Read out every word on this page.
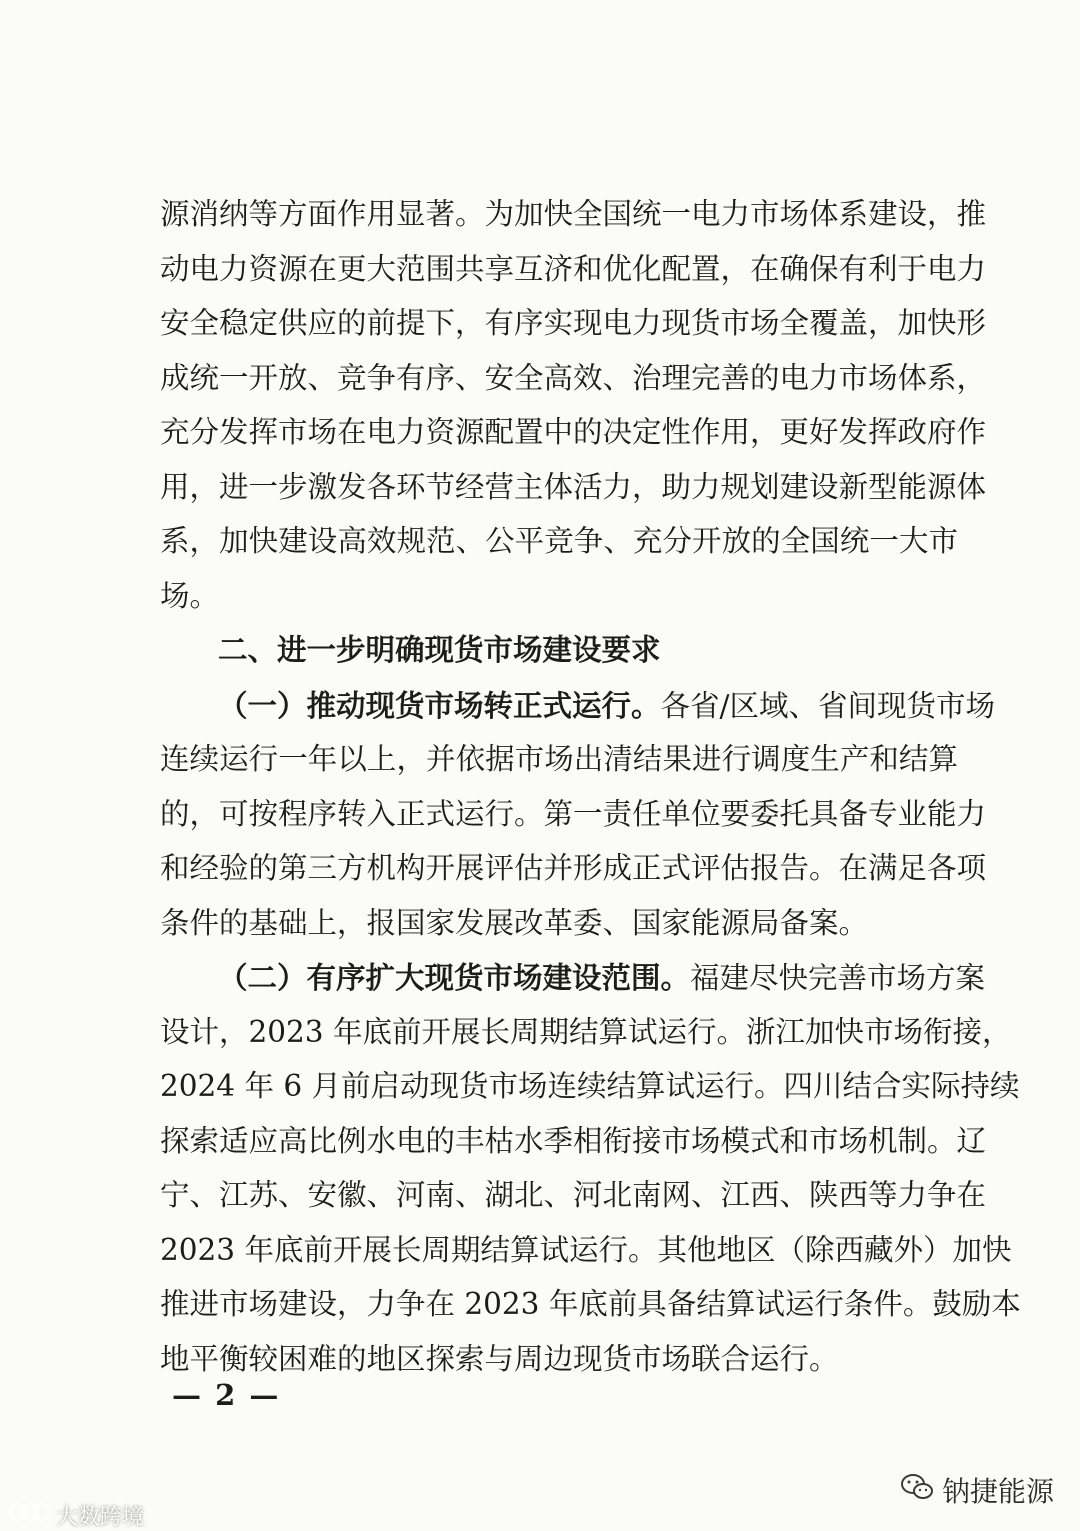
源消纳等方面作用显著。为加快全国统一电力市场体系建设，推
动电力资源在更大范围共享互济和优化配置，在确保有利于电力
安全稳定供应的前提下，有序实现电力现货市场全覆盖，加快形
成统一开放、竞争有序、安全高效、治理完善的电力市场体系，
充分发挥市场在电力资源配置中的决定性作用，更好发挥政府作
用，进一步激发各环节经营主体活力，助力规划建设新型能源体
系，加快建设高效规范、公平竞争、充分开放的全国统一大市
场。
二、进一步明确现货市场建设要求
（一）推动现货市场转正式运行。各省/区域、省间现货市场
连续运行一年以上，并依据市场出清结果进行调度生产和结算
的，可按程序转入正式运行。第一责任单位要委托具备专业能力
和经验的第三方机构开展评估并形成正式评估报告。在满足各项
条件的基础上，报国家发展改革委、国家能源局备案。
（二）有序扩大现货市场建设范围。福建尽快完善市场方案
设计，2023 年底前开展长周期结算试运行。浙江加快市场衔接，
2024 年 6 月前启动现货市场连续结算试运行。四川结合实际持续
探索适应高比例水电的丰枯水季相衔接市场模式和市场机制。辽
宁、江苏、安徽、河南、湖北、河北南网、江西、陕西等力争在
2023 年底前开展长周期结算试运行。其他地区（除西藏外）加快
推进市场建设，力争在 2023 年底前具备结算试运行条件。鼓励本
地平衡较困难的地区探索与周边现货市场联合运行。
— 2 —
钠捷能源
大数跨境
